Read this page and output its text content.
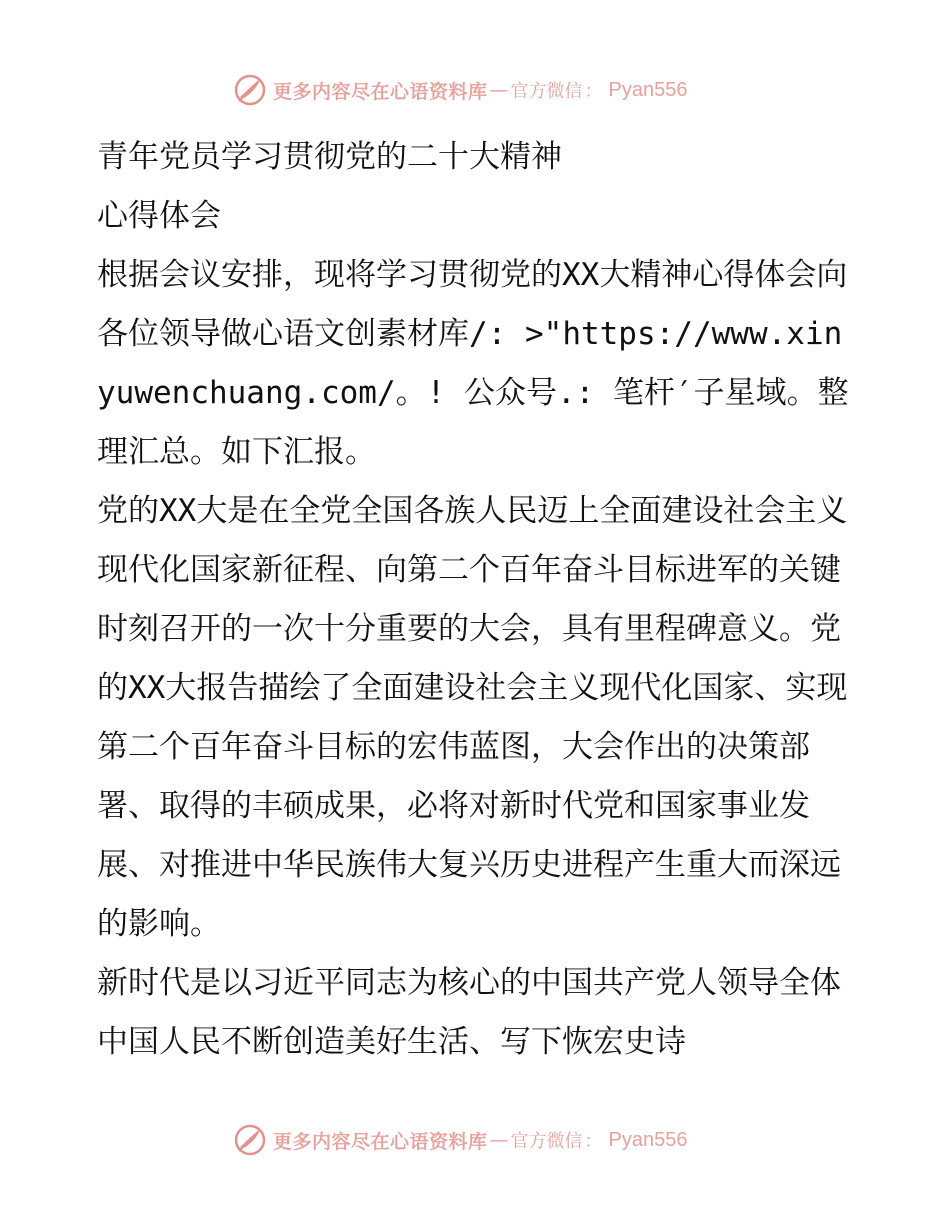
更多内容尽在心语资料库 — 官方微信 ： Pyan556

青年党员学习贯彻党的二十大精神

心得体会

根据会议安排，现将学习贯彻党的XX大精神心得体会向各位领导做心语文创素材库/: >"https://www.xinyuwenchuang.com/。! 公众号.: 笔杆′子星域。整理汇总。如下汇报。

党的XX大是在全党全国各族人民迈上全面建设社会主义现代化国家新征程、向第二个百年奋斗目标进军的关键时刻召开的一次十分重要的大会，具有里程碑意义。党的XX大报告描绘了全面建设社会主义现代化国家、实现第二个百年奋斗目标的宏伟蓝图，大会作出的决策部署、取得的丰硕成果，必将对新时代党和国家事业发展、对推进中华民族伟大复兴历史进程产生重大而深远的影响。

新时代是以习近平同志为核心的中国共产党人领导全体中国人民不断创造美好生活、写下恢宏史诗

更多内容尽在心语资料库 — 官方微信 ： Pyan556
